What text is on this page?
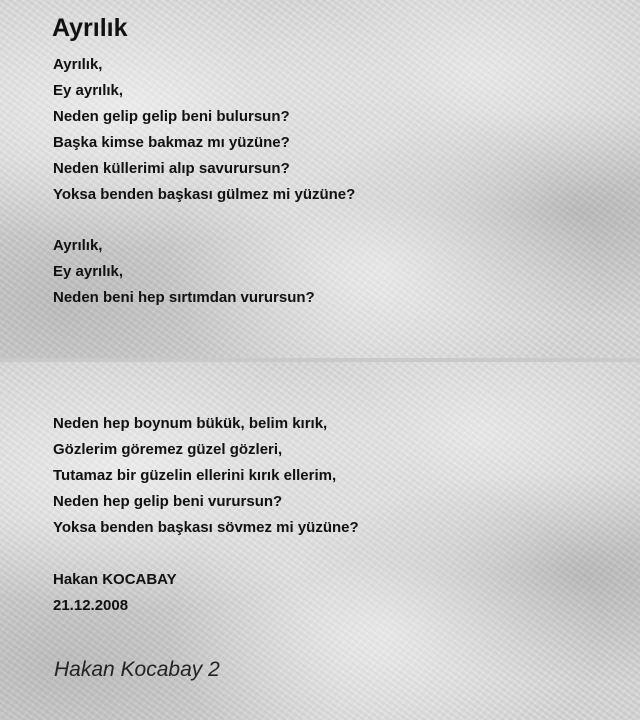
Ayrılık
Ayrılık,
Ey ayrılık,
Neden gelip gelip beni bulursun?
Başka kimse bakmaz mı yüzüne?
Neden küllerimi alıp savurursun?
Yoksa benden başkası gülmez mi yüzüne?
Ayrılık,
Ey ayrılık,
Neden beni hep sırtımdan vurursun?
Neden hep boynum bükük, belim kırık,
Gözlerim göremez güzel gözleri,
Tutamaz bir güzelin ellerini kırık ellerim,
Neden hep gelip beni vurursun?
Yoksa benden başkası sövmez mi yüzüne?
Hakan KOCABAY
21.12.2008
Hakan Kocabay 2
